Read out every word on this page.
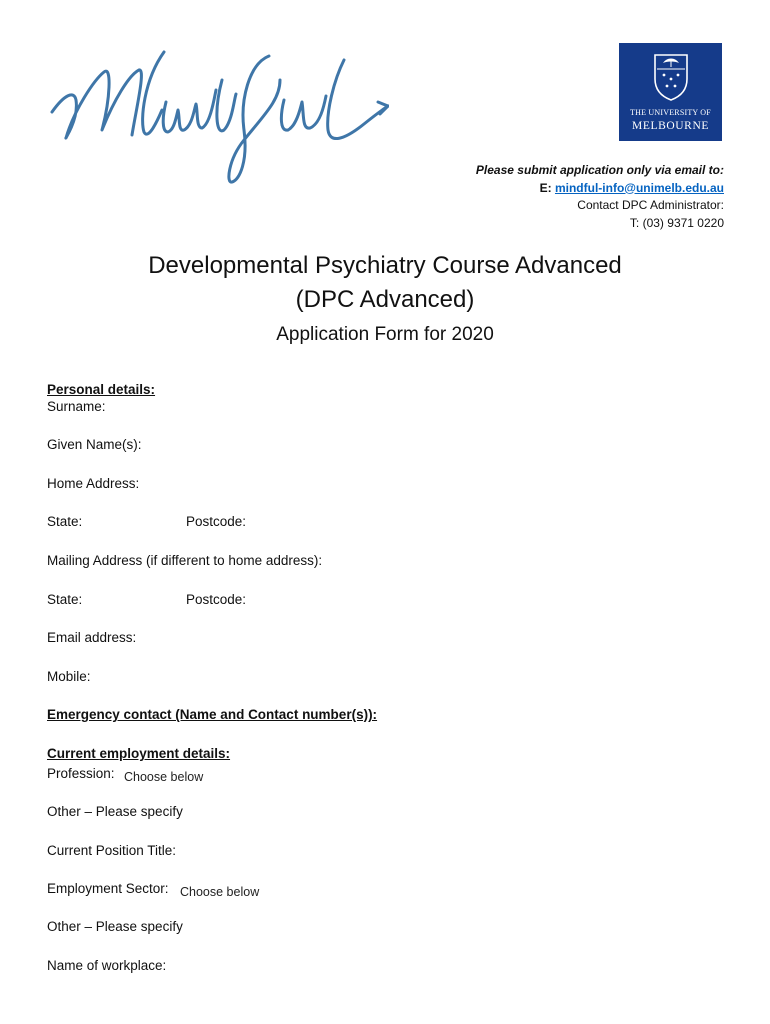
THE UNIVERSITY OF
MELBOURNE
Please submit application only via email to:
E: mindful-info@unimelb.edu.au
Contact DPC Administrator:
T: (03) 9371 0220
Developmental Psychiatry Course Advanced
(DPC Advanced)
Application Form for 2020
Personal details:
Surname:
Given Name(s):
Home Address:
State:	Postcode:
Mailing Address (if different to home address):
State:	Postcode:
Email address:
Mobile:
Emergency contact (Name and Contact number(s)):
Current employment details:
Profession: Choose below
Other – Please specify
Current Position Title:
Employment Sector: Choose below
Other – Please specify
Name of workplace:
